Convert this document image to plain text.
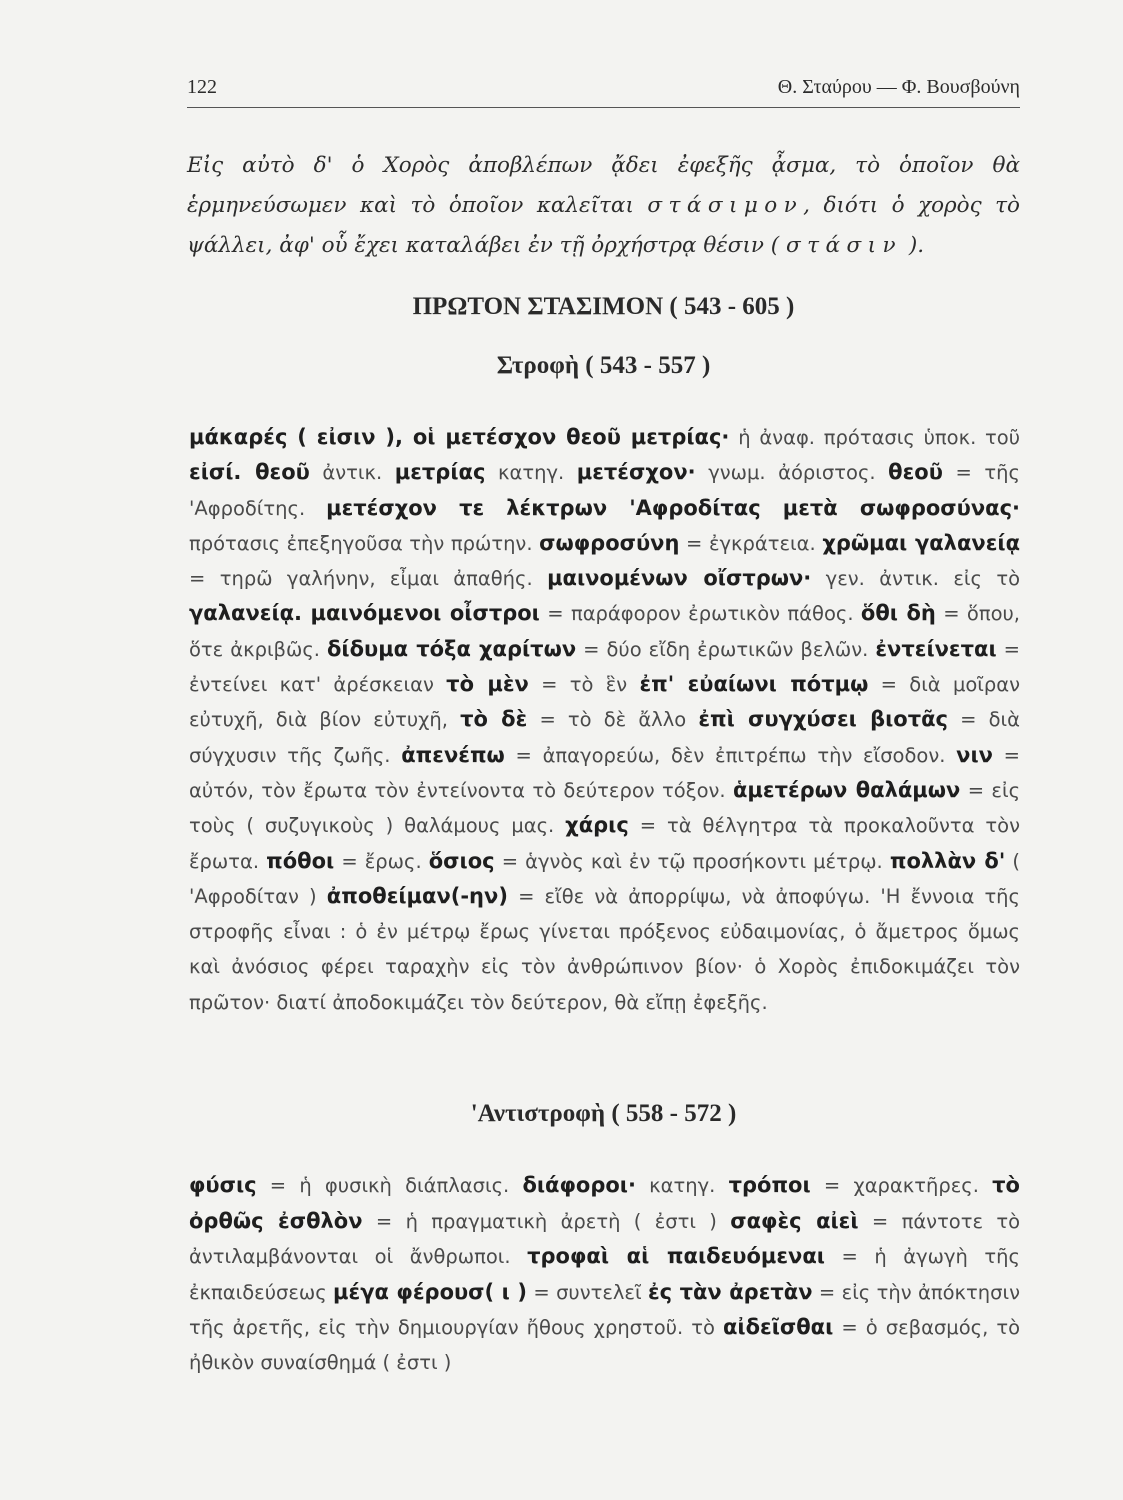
122	Θ. Σταύρου — Φ. Βουσβούνη

Εἰς αὐτὸ δ' ὁ Χορὸς ἀποβλέπων ᾄδει ἐφεξῆς ᾆσμα, τὸ ὁποῖον θὰ ἑρμηνεύσωμεν καὶ τὸ ὁποῖον καλεῖται στάσιμον, διότι ὁ χορὸς τὸ ψάλλει, ἀφ' οὗ ἔχει καταλάβει ἐν τῇ ὀρχήστρᾳ θέσιν ( στάσιν ).

ΠΡΩΤΟΝ ΣΤΑΣΙΜΟΝ ( 543 - 605 )
Στροφὴ ( 543 - 557 )

μάκαρές ( εἰσιν ), οἱ μετέσχον θεοῦ μετρίας· ἡ ἀναφ. πρότασις ὑποκ. τοῦ εἰσί. θεοῦ ἀντικ. μετρίας κατηγ. μετέσχον· γνωμ. ἀόριστος. θεοῦ = τῆς 'Αφροδίτης. μετέσχον τε λέκτρων 'Αφροδίτας μετὰ σωφροσύνας· πρότασις ἐπεξηγοῦσα τὴν πρώτην. σωφροσύνη = ἐγκράτεια. χρῶμαι γαλανείᾳ = τηρῶ γαλήνην, εἶμαι ἀπαθής. μαινομένων οἴστρων· γεν. ἀντικ. εἰς τὸ γαλανείᾳ. μαινόμενοι οἶστροι = παράφορον ἐρωτικὸν πάθος. ὅθι δὴ = ὅπου, ὅτε ἀκριβῶς. δίδυμα τόξα χαρίτων = δύο εἴδη ἐρωτικῶν βελῶν. ἐντείνεται = ἐντείνει κατ' ἀρέσκειαν τὸ μὲν = τὸ ἓν ἐπ' εὐαίωνι πότμῳ = διὰ μοῖραν εὐτυχῆ, διὰ βίον εὐτυχῆ, τὸ δὲ = τὸ δὲ ἄλλο ἐπὶ συγχύσει βιοτᾶς = διὰ σύγχυσιν τῆς ζωῆς. ἀπενέπω = ἀπαγορεύω, δὲν ἐπιτρέπω τὴν εἴσοδον. νιν = αὐτόν, τὸν ἔρωτα τὸν ἐντείνοντα τὸ δεύτερον τόξον. ἁμετέρων θαλάμων = εἰς τοὺς ( συζυγικοὺς ) θαλάμους μας. χάρις = τὰ θέλγητρα τὰ προκαλοῦντα τὸν ἔρωτα. πόθοι = ἔρως. ὅσιος = ἁγνὸς καὶ ἐν τῷ προσήκοντι μέτρῳ. πολλὰν δ' ( 'Αφροδίταν ) ἀποθείμαν(-ην) = εἴθε νὰ ἀπορρίψω, νὰ ἀποφύγω. 'Η ἔννοια τῆς στροφῆς εἶναι : ὁ ἐν μέτρῳ ἔρως γίνεται πρόξενος εὐδαιμονίας, ὁ ἄμετρος ὅμως καὶ ἀνόσιος φέρει ταραχὴν εἰς τὸν ἀνθρώπινον βίον· ὁ Χορὸς ἐπιδοκιμάζει τὸν πρῶτον· διατί ἀποδοκιμάζει τὸν δεύτερον, θὰ εἴπῃ ἐφεξῆς.

'Αντιστροφὴ ( 558 - 572 )

φύσις = ἡ φυσικὴ διάπλασις. διάφοροι· κατηγ. τρόποι = χαρακτῆρες. τὸ ὀρθῶς ἐσθλὸν = ἡ πραγματικὴ ἀρετὴ ( ἐστι ) σαφὲς αἰεὶ = πάντοτε τὸ ἀντιλαμβάνονται οἱ ἄνθρωποι. τροφαὶ αἱ παιδευόμεναι = ἡ ἀγωγὴ τῆς ἐκπαιδεύσεως μέγα φέρουσ( ι ) = συντελεῖ ἐς τὰν ἀρετὰν = εἰς τὴν ἀπόκτησιν τῆς ἀρετῆς, εἰς τὴν δημιουργίαν ἤθους χρηστοῦ. τὸ αἰδεῖσθαι = ὁ σεβασμός, τὸ ἠθικὸν συναίσθημά ( ἐστι )
